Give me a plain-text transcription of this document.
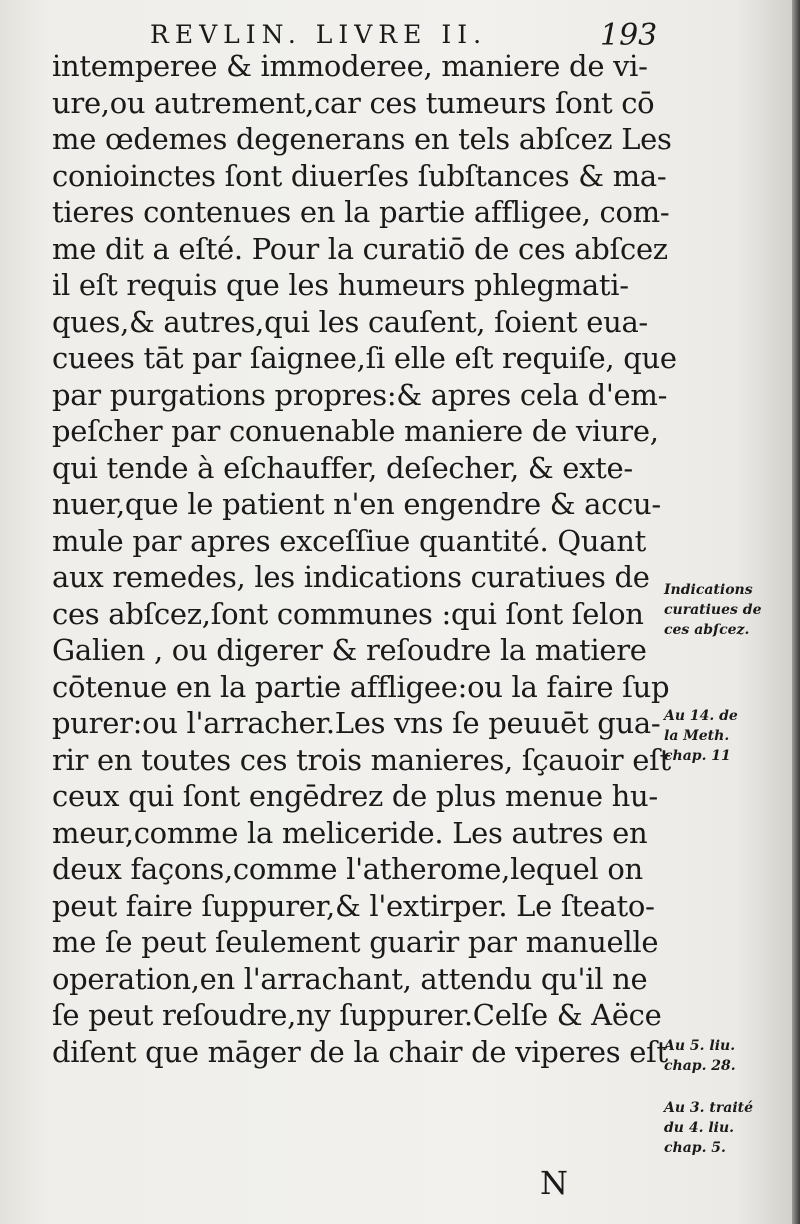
REVLIN. LIVRE II.	193
intemperee & immoderee, maniere de vi-
ure,ou autrement,car ces tumeurs ſont cō
me œdemes degenerans en tels abſcez Les
conioinctes ſont diuerſes ſubſtances & ma-
tieres contenues en la partie affligee, com-
me dit a eſté. Pour la curatiō de ces abſcez
il eſt requis que les humeurs phlegmati-
ques,& autres,qui les cauſent, ſoient eua-
cuees tāt par ſaignee,ſi elle eſt requiſe, que
par purgations propres:& apres cela d'em-
peſcher par conuenable maniere de viure,
qui tende à eſchauffer, deſecher, & exte-
nuer,que le patient n'en engendre & accu-
mule par apres exceſſiue quantité. Quant
aux remedes, les indications curatiues de
ces abſcez,ſont communes :qui ſont ſelon
Galien , ou digerer & reſoudre la matiere
cōtenue en la partie affligee:ou la faire ſup
purer:ou l'arracher.Les vns ſe peuuēt gua-
rir en toutes ces trois manieres, ſçauoir eſt
ceux qui ſont engēdrez de plus menue hu-
meur,comme la meliceride. Les autres en
deux façons,comme l'atherome,lequel on
peut faire ſuppurer,& l'extirper. Le ſteato-
me ſe peut ſeulement guarir par manuelle
operation,en l'arrachant, attendu qu'il ne
ſe peut reſoudre,ny ſuppurer.Celſe & Aëce
diſent que māger de la chair de viperes eſt
Indications
curatiues de
ces abſcez.
Au 14. de
la Meth.
chap. 11
Au 5. liu.
chap. 28.
Au 3. traité
du 4. liu.
chap. 5.
N
